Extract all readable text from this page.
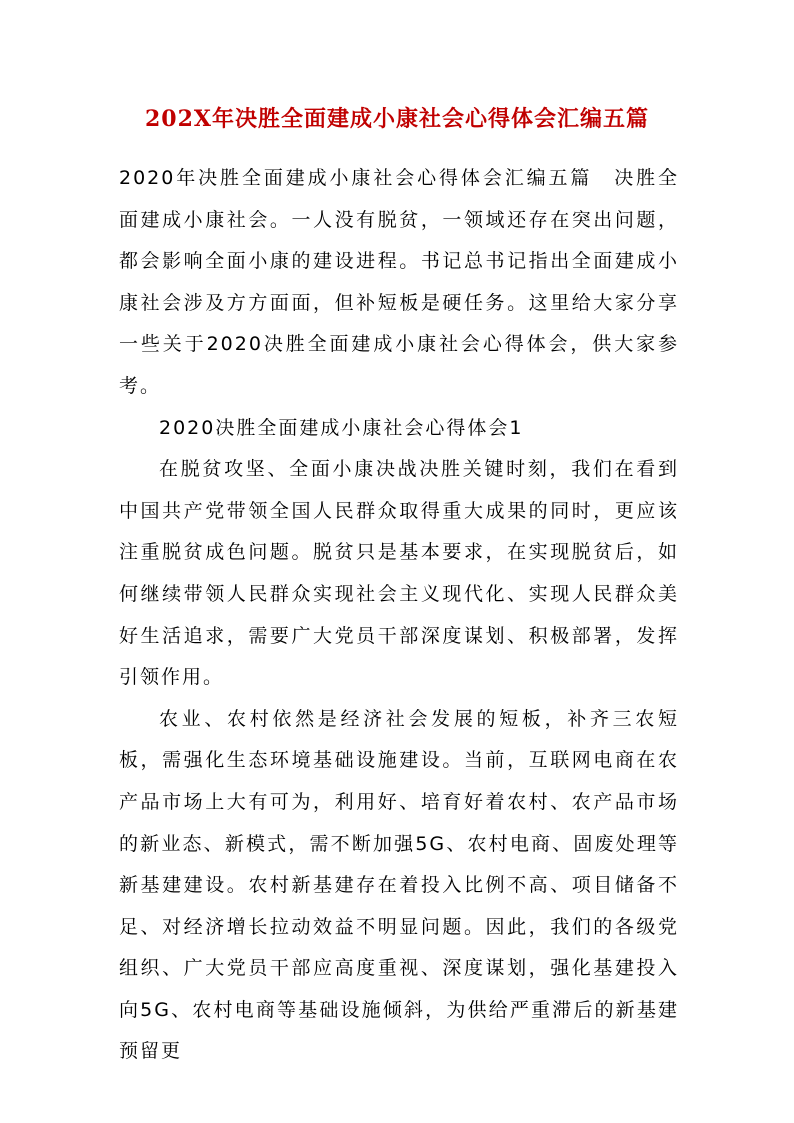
202X年决胜全面建成小康社会心得体会汇编五篇

2020年决胜全面建成小康社会心得体会汇编五篇　决胜全面建成小康社会。一人没有脱贫，一领域还存在突出问题，都会影响全面小康的建设进程。书记总书记指出全面建成小康社会涉及方方面面，但补短板是硬任务。这里给大家分享一些关于2020决胜全面建成小康社会心得体会，供大家参考。

2020决胜全面建成小康社会心得体会1

在脱贫攻坚、全面小康决战决胜关键时刻，我们在看到中国共产党带领全国人民群众取得重大成果的同时，更应该注重脱贫成色问题。脱贫只是基本要求，在实现脱贫后，如何继续带领人民群众实现社会主义现代化、实现人民群众美好生活追求，需要广大党员干部深度谋划、积极部署，发挥引领作用。

农业、农村依然是经济社会发展的短板，补齐三农短板，需强化生态环境基础设施建设。当前，互联网电商在农产品市场上大有可为，利用好、培育好着农村、农产品市场的新业态、新模式，需不断加强5G、农村电商、固废处理等新基建建设。农村新基建存在着投入比例不高、项目储备不足、对经济增长拉动效益不明显问题。因此，我们的各级党组织、广大党员干部应高度重视、深度谋划，强化基建投入向5G、农村电商等基础设施倾斜，为供给严重滞后的新基建预留更
